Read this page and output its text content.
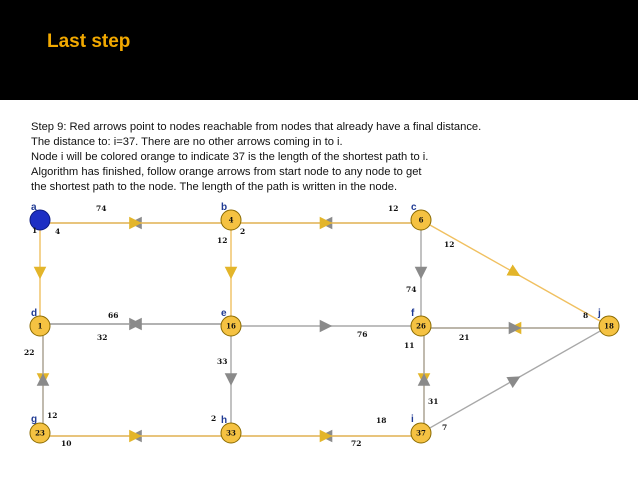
Last step
Step 9: Red arrows point to nodes reachable from nodes that already have a final distance.
The distance to: i=37. There are no other arrows coming in to i.
Node i will be colored orange to indicate 37 is the length of the shortest path to i.
Algorithm has finished, follow orange arrows from start node to any node to get
the shortest path to the node. The length of the path is written in the node.
4	6
1	16	26	18
23	33	37
74
4
12
2
1
12	12
74
66
32	76
8
21
22
12
33
11
31
2
10
18
72
7
a	b	c
d	e	f	j
g	h	i
